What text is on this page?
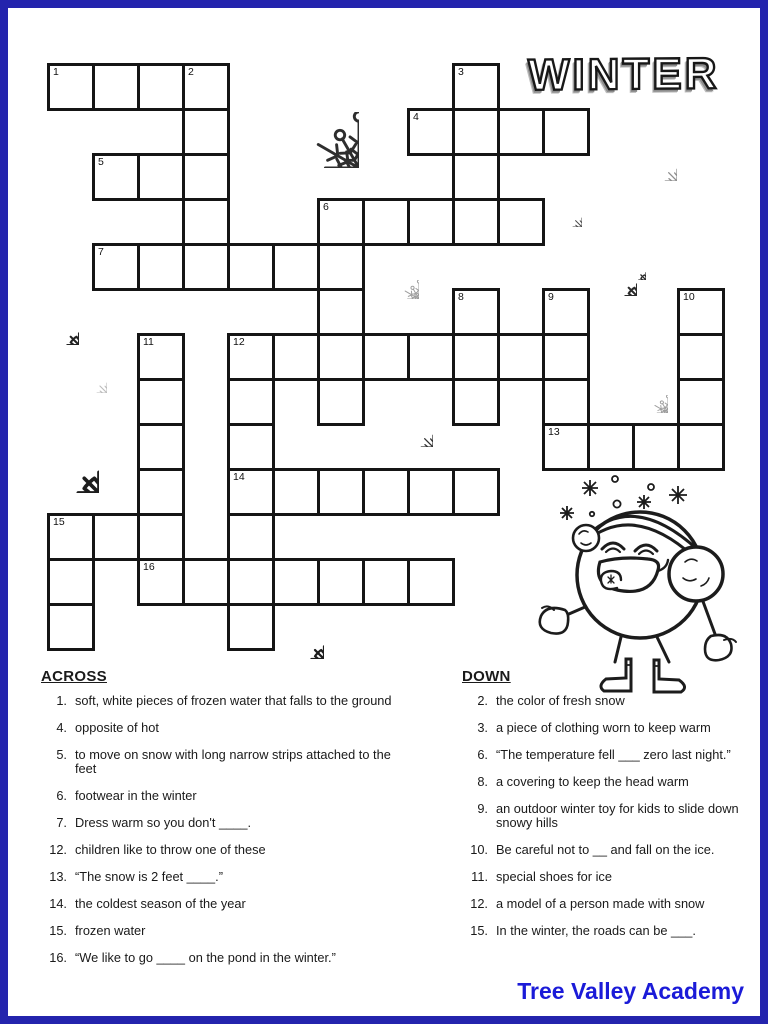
WINTER
1	2	3
4
5
6
7
8	9
13
10
11
16
12
14
15
ACROSS
1. soft, white pieces of frozen water that falls to the ground
4. opposite of hot
5. to move on snow with long narrow strips attached to the feet
6. footwear in the winter
7. Dress warm so you don't ____.
12. children like to throw one of these
13. “The snow is 2 feet ____.”
14. the coldest season of the year
15. frozen water
16. “We like to go ____ on the pond in the winter.”
DOWN
2. the color of fresh snow
3. a piece of clothing worn to keep warm
6. “The temperature fell ___ zero last night.”
8. a covering to keep the head warm
9. an outdoor winter toy for kids to slide down snowy hills
10. Be careful not to __ and fall on the ice.
11. special shoes for ice
12. a model of a person made with snow
15. In the winter, the roads can be ___.
Tree Valley Academy
